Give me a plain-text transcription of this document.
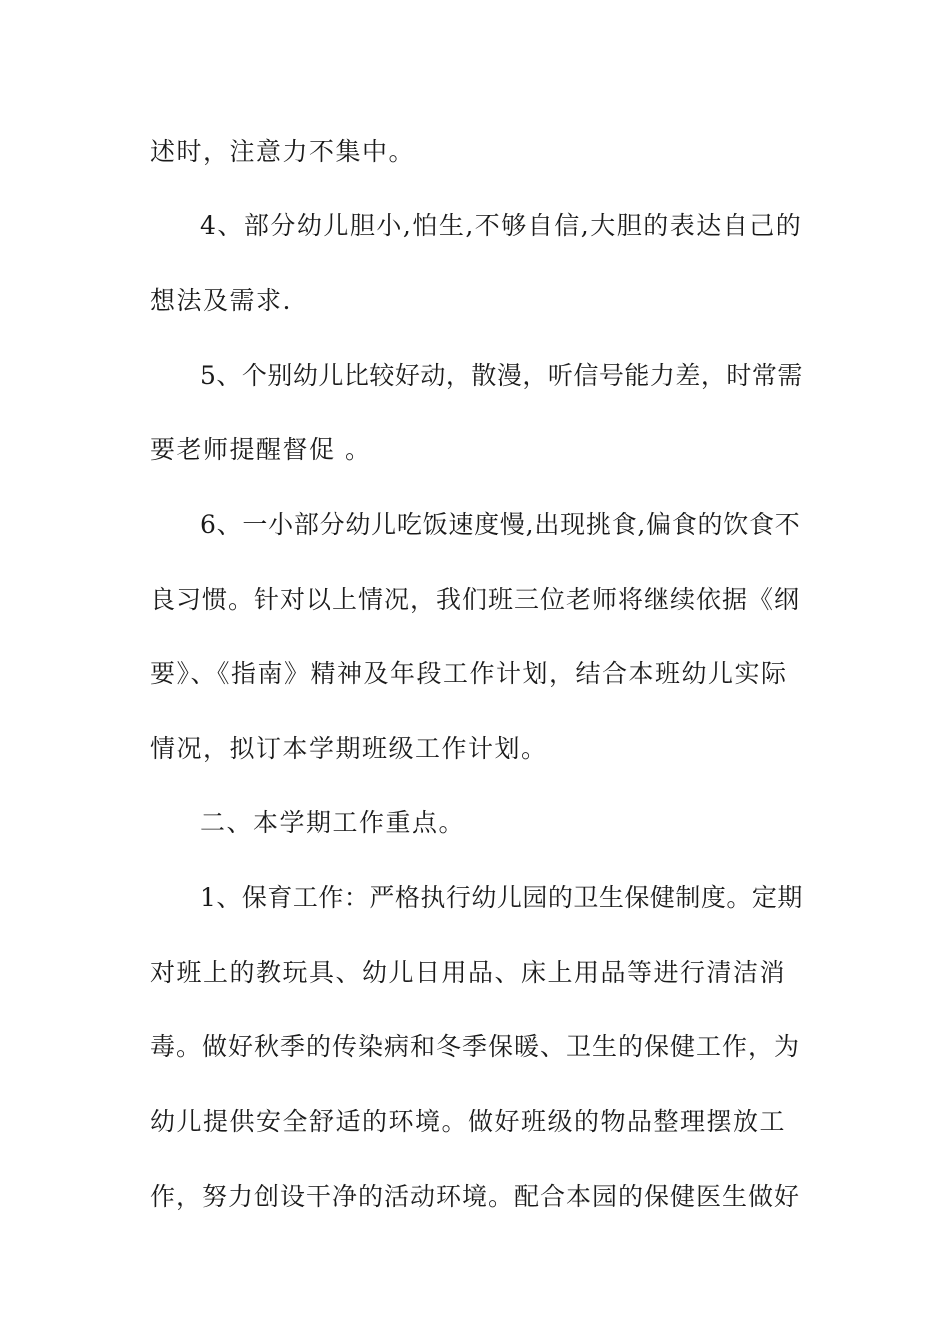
述时，注意力不集中。
4、部分幼儿胆小,怕生,不够自信,大胆的表达自己的
想法及需求.
5、个别幼儿比较好动，散漫，听信号能力差，时常需
要老师提醒督促 。
6、一小部分幼儿吃饭速度慢,出现挑食,偏食的饮食不
良习惯。针对以上情况，我们班三位老师将继续依据《纲
要》、《指南》精神及年段工作计划，结合本班幼儿实际
情况，拟订本学期班级工作计划。
二、本学期工作重点。
1、保育工作：严格执行幼儿园的卫生保健制度。定期
对班上的教玩具、幼儿日用品、床上用品等进行清洁消
毒。做好秋季的传染病和冬季保暖、卫生的保健工作，为
幼儿提供安全舒适的环境。做好班级的物品整理摆放工
作，努力创设干净的活动环境。配合本园的保健医生做好
